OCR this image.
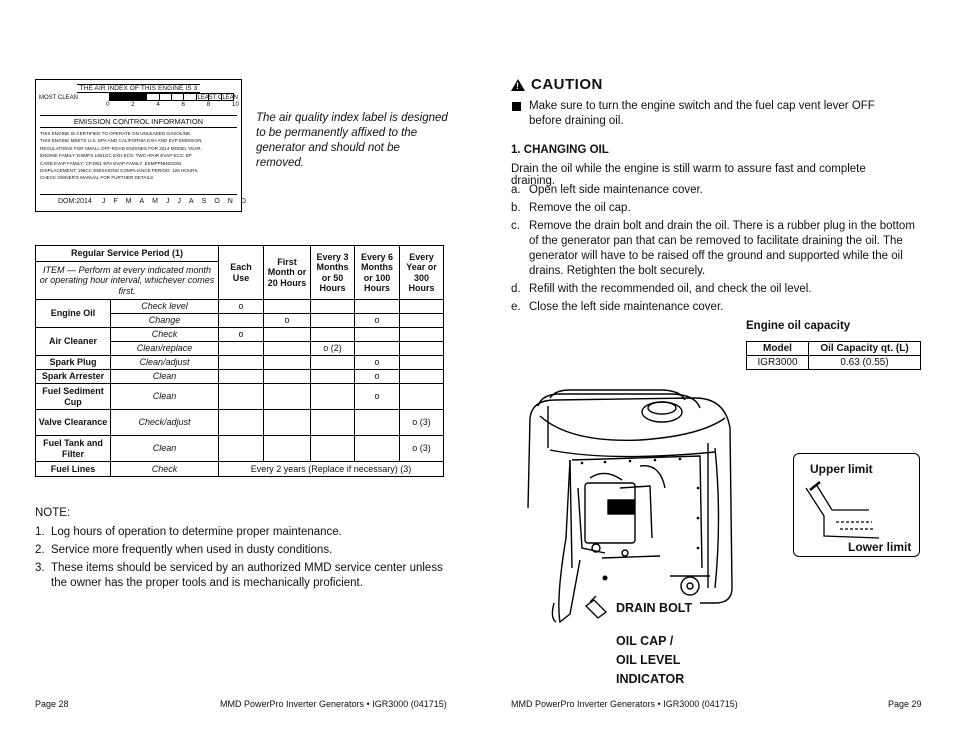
THE AIR INDEX OF THIS ENGINE IS 3
MOST CLEAN	LEAST CLEAN
0	2	4	6	8	10
EMISSION CONTROL INFORMATION
THIS ENGINE IS CERTIFIED TO OPERATE ON UNLEADED GASOLINE.
THIS ENGINE MEETS U.S. EPA AND CALIFORNIA EXH AND EVP EMISSION
REGULATIONS FOR SMALL OFF-ROAD ENGINES FOR 2014 MODEL YEAR.
ENGINE FAMILY: EXMPS.1901GC EXH ECS: TWC+PAIR EVAP ECS: EP
CARB EVAP FAMILY: CP1901 EPA EVAP FAMILY: EXMPPNHEG002
DISPLACEMENT: 196CC EMISSIONS COMPLIANCE PERIOD: 125 HOURS
CHECK OWNER'S MANUAL FOR FURTHER DETAILS
DOM:2014 J F M A M J J A S O N D
The air quality index label is designed to be permanently affixed to the generator and should not be removed.
Regular Service Period (1)		Each Use	First Month or 20 Hours	Every 3 Months or 50 Hours	Every 6 Months or 100 Hours	Every Year or 300 Hours
ITEM — Perform at every indicated month or operating hour interval, whichever comes first.						
Engine Oil	Check level	o				
	Change		o		o	
Air Cleaner	Check	o				
	Clean/replace			o (2)		
Spark Plug	Clean/adjust				o	
Spark Arrester	Clean				o	
Fuel Sediment Cup	Clean				o	
Valve Clearance	Check/adjust					o (3)
Fuel Tank and Filter	Clean					o (3)
Fuel Lines	Check	Every 2 years (Replace if necessary) (3)				
NOTE:
1. Log hours of operation to determine proper maintenance.
2. Service more frequently when used in dusty conditions.
3. These items should be serviced by an authorized MMD service center unless the owner has the proper tools and is mechanically proficient.
!
CAUTION
Make sure to turn the engine switch and the fuel cap vent lever OFF before draining oil.
1. CHANGING OIL
Drain the oil while the engine is still warm to assure fast and complete draining.
a. Open left side maintenance cover.
b. Remove the oil cap.
c. Remove the drain bolt and drain the oil. There is a rubber plug in the bottom of the generator pan that can be removed to facilitate draining the oil. The generator will have to be raised off the ground and supported while the oil drains. Retighten the bolt securely.
d. Refill with the recommended oil, and check the oil level.
e. Close the left side maintenance cover.
Engine oil capacity
Model	Oil Capacity qt. (L)
IGR3000	0.63 (0.55)
Upper limit
Lower limit
DRAIN BOLT
OIL CAP /
OIL LEVEL
INDICATOR
Page 28	MMD PowerPro Inverter Generators • IGR3000 (041715)	MMD PowerPro Inverter Generators • IGR3000 (041715)	Page 29
